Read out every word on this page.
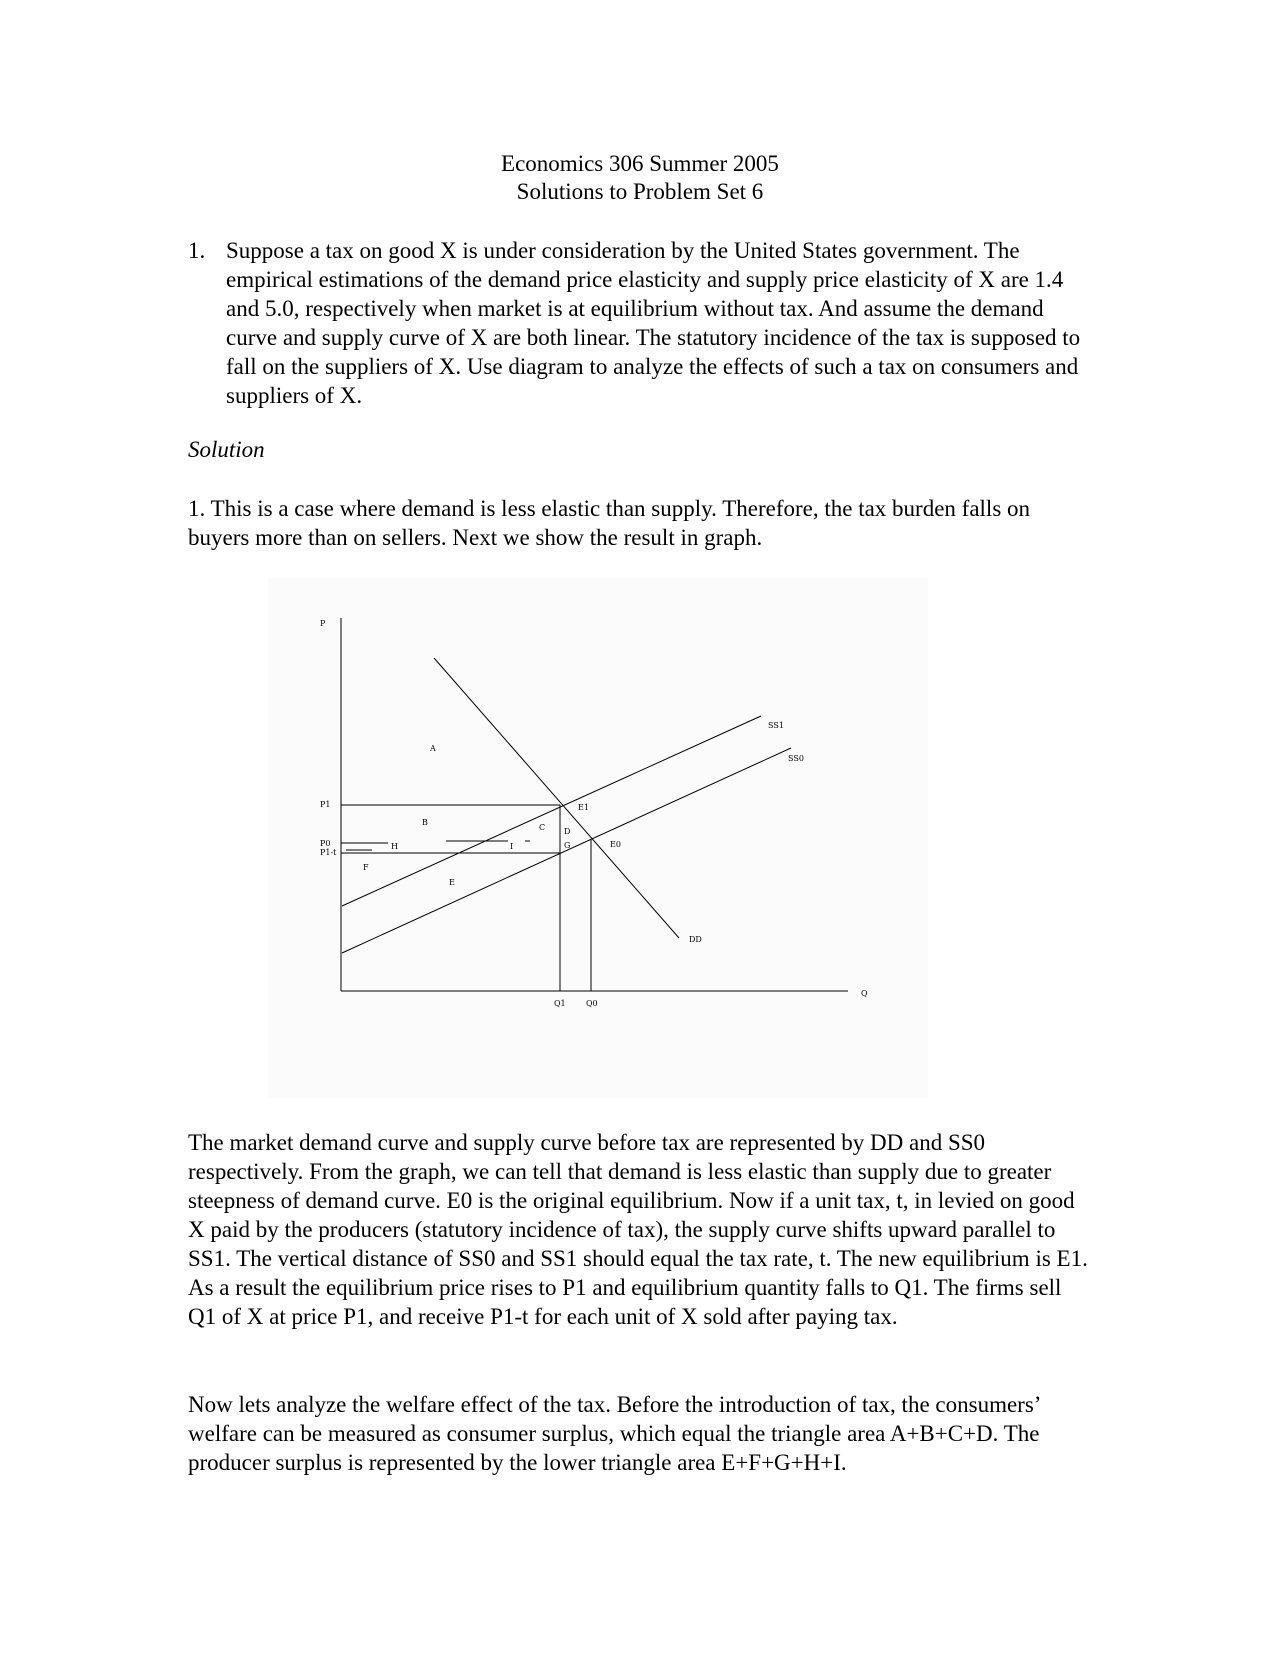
Economics 306 Summer 2005
Solutions to Problem Set 6
1. Suppose a tax on good X is under consideration by the United States government. The empirical estimations of the demand price elasticity and supply price elasticity of X are 1.4 and 5.0, respectively when market is at equilibrium without tax. And assume the demand curve and supply curve of X are both linear. The statutory incidence of the tax is supposed to fall on the suppliers of X. Use diagram to analyze the effects of such a tax on consumers and suppliers of X.
Solution
1. This is a case where demand is less elastic than supply. Therefore, the tax burden falls on buyers more than on sellers. Next we show the result in graph.
P
Q
DD
SS0
SS1
P1
P0
P1-t
Q1	Q0
E1
E0
A
B
C D
G
H	I
F
E
The market demand curve and supply curve before tax are represented by DD and SS0 respectively. From the graph, we can tell that demand is less elastic than supply due to greater steepness of demand curve. E0 is the original equilibrium. Now if a unit tax, t, in levied on good X paid by the producers (statutory incidence of tax), the supply curve shifts upward parallel to SS1. The vertical distance of SS0 and SS1 should equal the tax rate, t. The new equilibrium is E1. As a result the equilibrium price rises to P1 and equilibrium quantity falls to Q1. The firms sell Q1 of X at price P1, and receive P1-t for each unit of X sold after paying tax.
Now lets analyze the welfare effect of the tax. Before the introduction of tax, the consumers’ welfare can be measured as consumer surplus, which equal the triangle area A+B+C+D. The producer surplus is represented by the lower triangle area E+F+G+H+I.
